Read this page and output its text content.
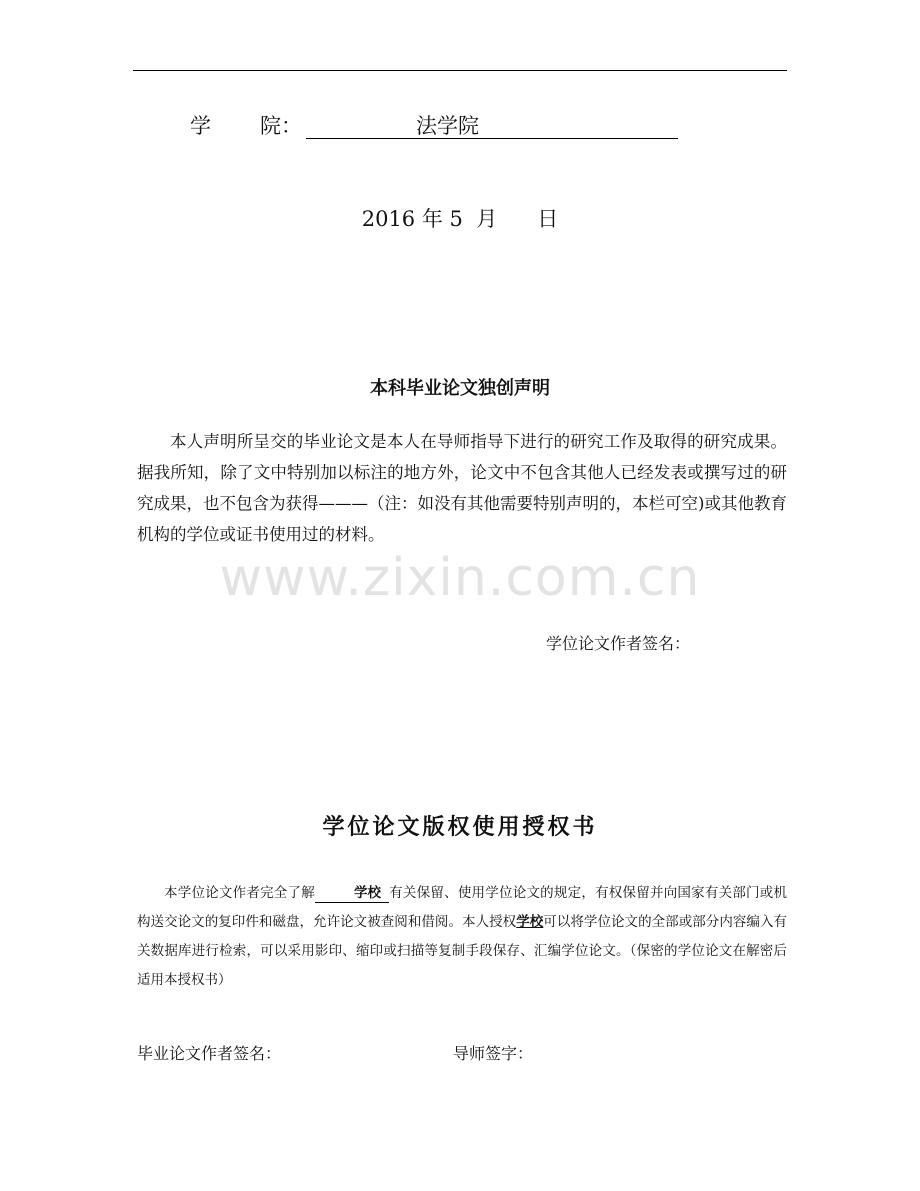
学 院：	法学院
2016 年 5  月      日
本科毕业论文独创声明

本人声明所呈交的毕业论文是本人在导师指导下进行的研究工作及取得的研究成果。据我所知，除了文中特别加以标注的地方外，论文中不包含其他人已经发表或撰写过的研究成果，也不包含为获得———（注：如没有其他需要特别声明的，本栏可空)或其他教育机构的学位或证书使用过的材料。

www.zixin.com.cn
学位论文作者签名：
学位论文版权使用授权书

本学位论文作者完全了解	学校 有关保留、使用学位论文的规定，有权保留并向国家有关部门或机构送交论文的复印件和磁盘，允许论文被查阅和借阅。本人授权学校可以将学位论文的全部或部分内容编入有关数据库进行检索，可以采用影印、缩印或扫描等复制手段保存、汇编学位论文。（保密的学位论文在解密后适用本授权书）

毕业论文作者签名：	导师签字：
